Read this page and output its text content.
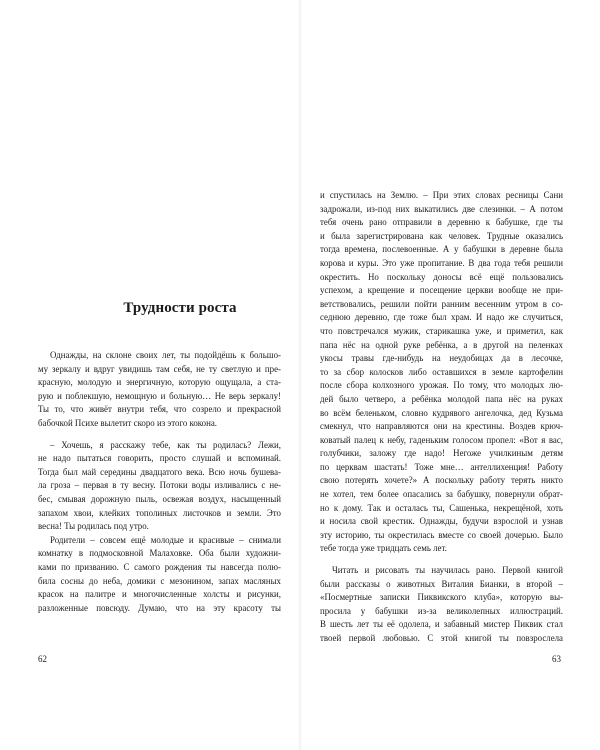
Трудности роста
Однажды, на склоне своих лет, ты подойдёшь к большо-
му зеркалу и вдруг увидишь там себя, не ту светлую и пре-
красную, молодую и энергичную, которую ощущала, а ста-
рую и поблекшую, немощную и больную… Не верь зеркалу!
Ты то, что живёт внутри тебя, что созрело и прекрасной
бабочкой Психе вылетит скоро из этого кокона.
– Хочешь, я расскажу тебе, как ты родилась? Лежи,
не надо пытаться говорить, просто слушай и вспоминай.
Тогда был май середины двадцатого века. Всю ночь бушева-
ла гроза – первая в ту весну. Потоки воды изливались с не-
бес, смывая дорожную пыль, освежая воздух, насыщенный
запахом хвои, клейких тополиных листочков и земли. Это
весна! Ты родилась под утро.
Родители – совсем ещё молодые и красивые – снимали
комнатку в подмосковной Малаховке. Оба были художни-
ками по призванию. С самого рождения ты навсегда полю-
била сосны до неба, домики с мезонином, запах масляных
красок на палитре и многочисленные холсты и рисунки,
разложенные повсюду. Думаю, что на эту красоту ты
62
и спустилась на Землю. – При этих словах ресницы Сани
задрожали, из-под них выкатились две слезинки. – А потом
тебя очень рано отправили в деревню к бабушке, где ты
и была зарегистрирована как человек. Трудные оказались
тогда времена, послевоенные. А у бабушки в деревне была
корова и куры. Это уже пропитание. В два года тебя решили
окрестить. Но поскольку доносы всё ещё пользовались
успехом, а крещение и посещение церкви вообще не при-
ветствовались, решили пойти ранним весенним утром в со-
седнюю деревню, где тоже был храм. И надо же случиться,
что повстречался мужик, старикашка уже, и приметил, как
папа нёс на одной руке ребёнка, а в другой на пеленках
укосы травы где-нибудь на неудобицах да в лесочке,
то за сбор колосков либо оставшихся в земле картофелин
после сбора колхозного урожая. По тому, что молодых лю-
дей было четверо, а ребёнка молодой папа нёс на руках
во всём беленьком, словно кудрявого ангелочка, дед Кузьма
смекнул, что направляются они на крестины. Воздев крюч-
коватый палец к небу, гаденьким голосом пропел: «Вот я вас,
голубчики, заложу где надо! Негоже училкиным детям
по церквам шастать! Тоже мне… антеллихенция! Работу
свою потерять хочете?» А поскольку работу терять никто
не хотел, тем более опасались за бабушку, повернули обрат-
но к дому. Так и осталась ты, Сашенька, некрещёной, хоть
и носила свой крестик. Однажды, будучи взрослой и узнав
эту историю, ты окрестилась вместе со своей дочерью. Было
тебе тогда уже тридцать семь лет.
Читать и рисовать ты научилась рано. Первой книгой
были рассказы о животных Виталия Бианки, в второй –
«Посмертные записки Пиквикского клуба», которую вы-
просила у бабушки из-за великолепных иллюстраций.
В шесть лет ты её одолела, и забавный мистер Пиквик стал
твоей первой любовью. С этой книгой ты повзрослела
63
